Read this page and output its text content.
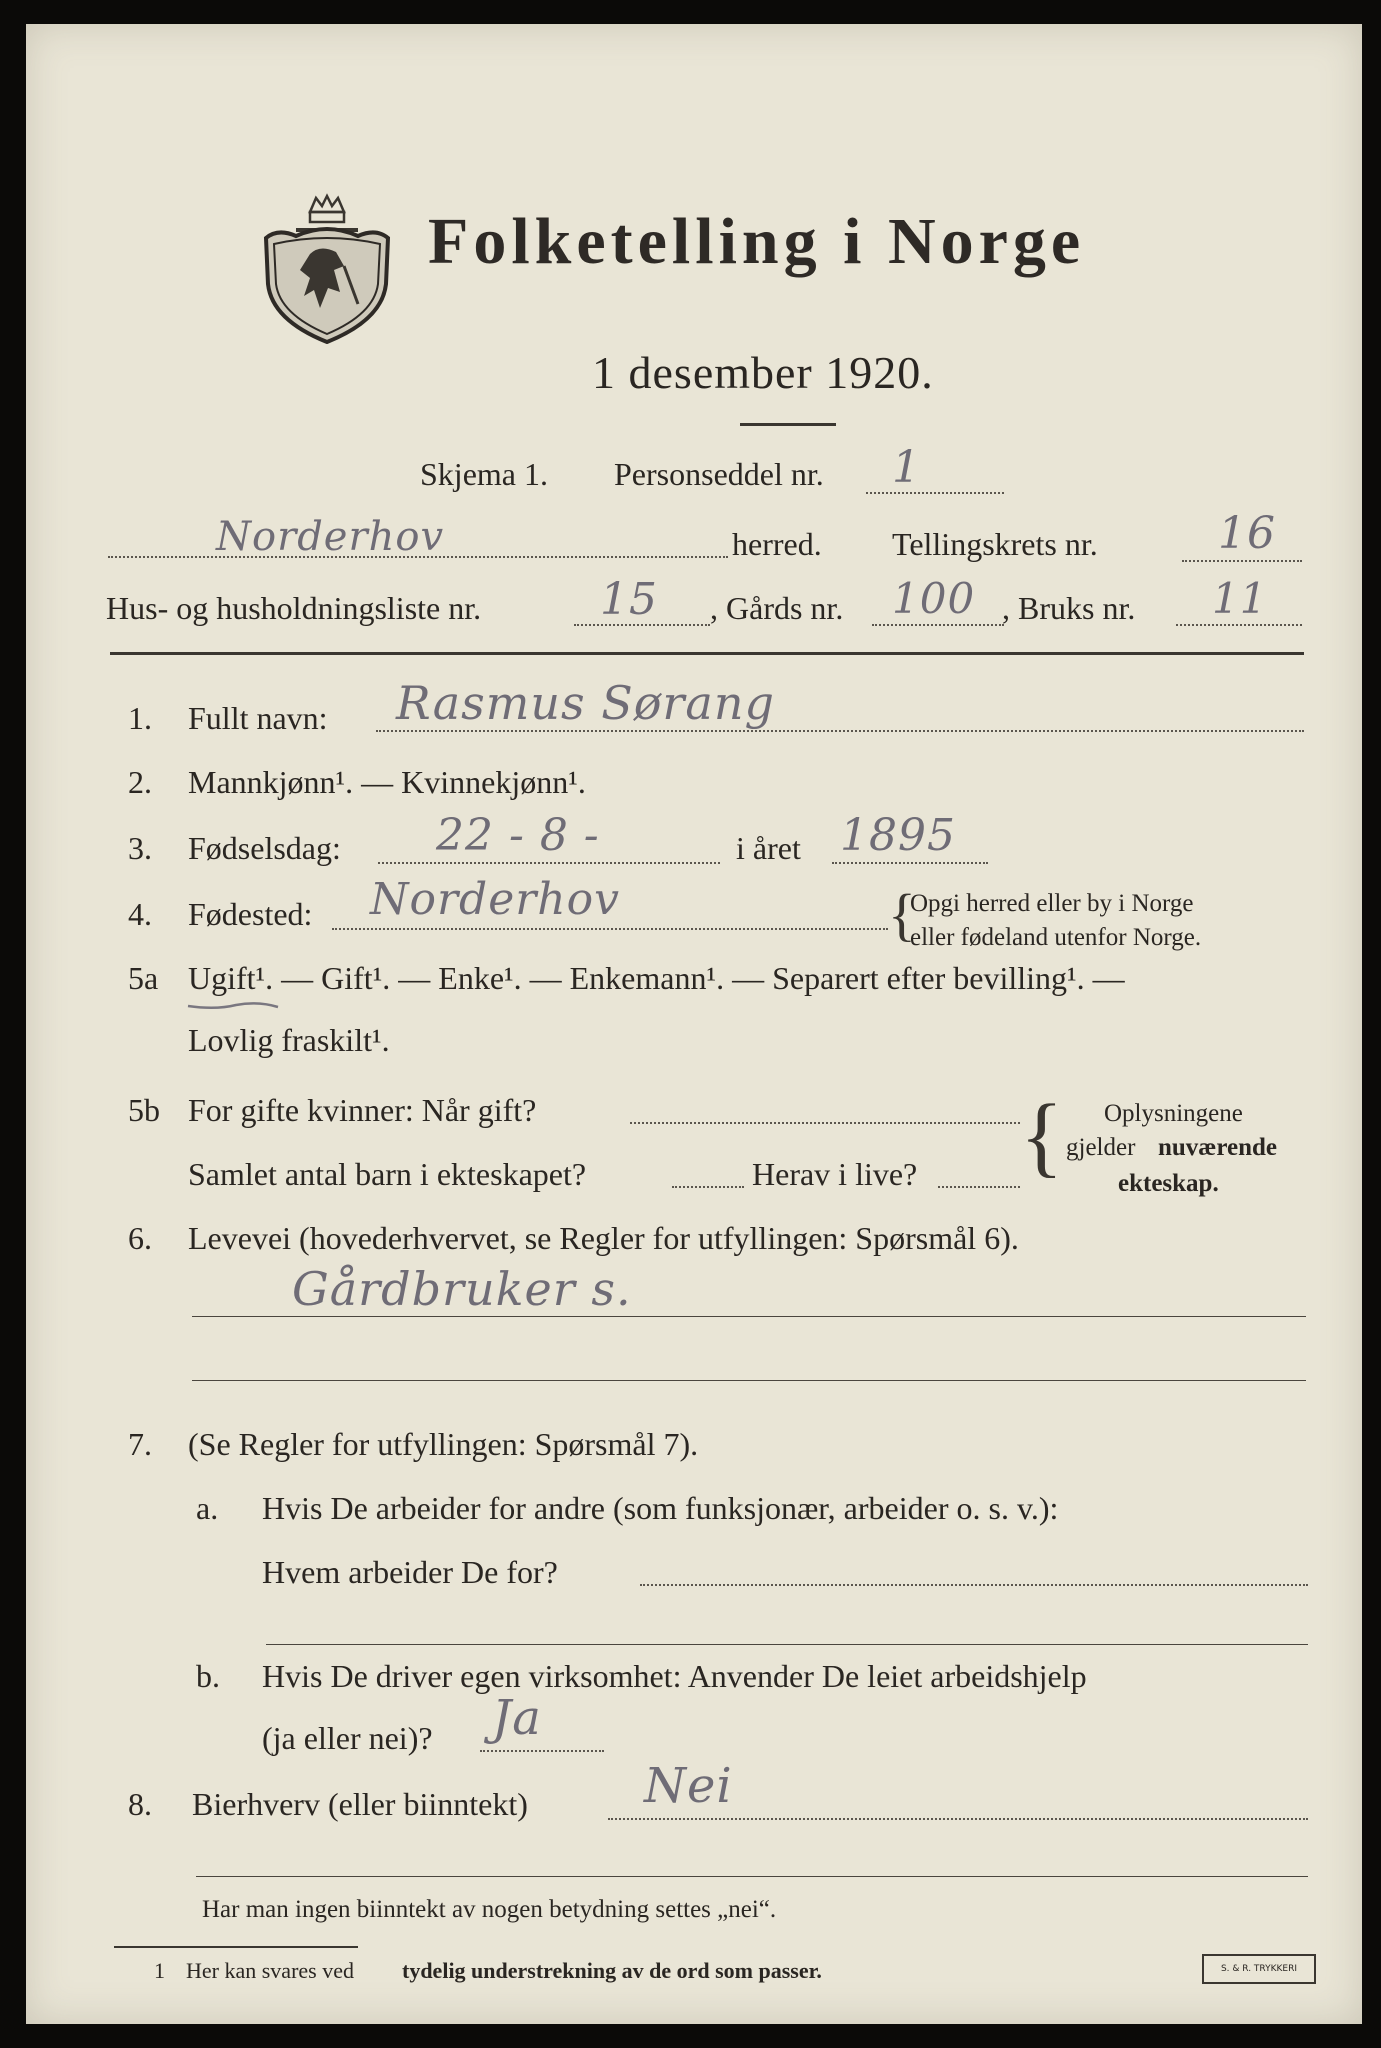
Folketelling i Norge
1 desember 1920.
Skjema 1. Personseddel nr. 1
Norderhov	herred. Tellingskrets nr.	16
Hus- og husholdningsliste nr.	15 , Gårds nr. 100 , Bruks nr. 11
1. Fullt navn: Rasmus Sørang
2. Mannkjønn¹. — Kvinnekjønn¹.
3. Fødselsdag: 22 - 8 -	i året 1895
4. Fødested: Norderhov	{
Opgi herred eller by i Norge
eller fødeland utenfor Norge.
5a Ugift¹. — Gift¹. — Enke¹. — Enkemann¹. — Separert efter bevilling¹. —
Lovlig fraskilt¹.
5b For gifte kvinner: Når gift?
Samlet antal barn i ekteskapet?	Herav i live? { Oplysningene
gjelder nuværende
ekteskap.
6. Levevei (hovederhvervet, se Regler for utfyllingen: Spørsmål 6).
Gårdbruker s.
7. (Se Regler for utfyllingen: Spørsmål 7).
a. Hvis De arbeider for andre (som funksjonær, arbeider o. s. v.):
Hvem arbeider De for?
b. Hvis De driver egen virksomhet: Anvender De leiet arbeidshjelp
(ja eller nei)? Ja
8. Bierhverv (eller biinntekt) Nei
Har man ingen biinntekt av nogen betydning settes „nei“.
1 Her kan svares ved tydelig understrekning av de ord som passer.	S. & R. TRYKKERI
